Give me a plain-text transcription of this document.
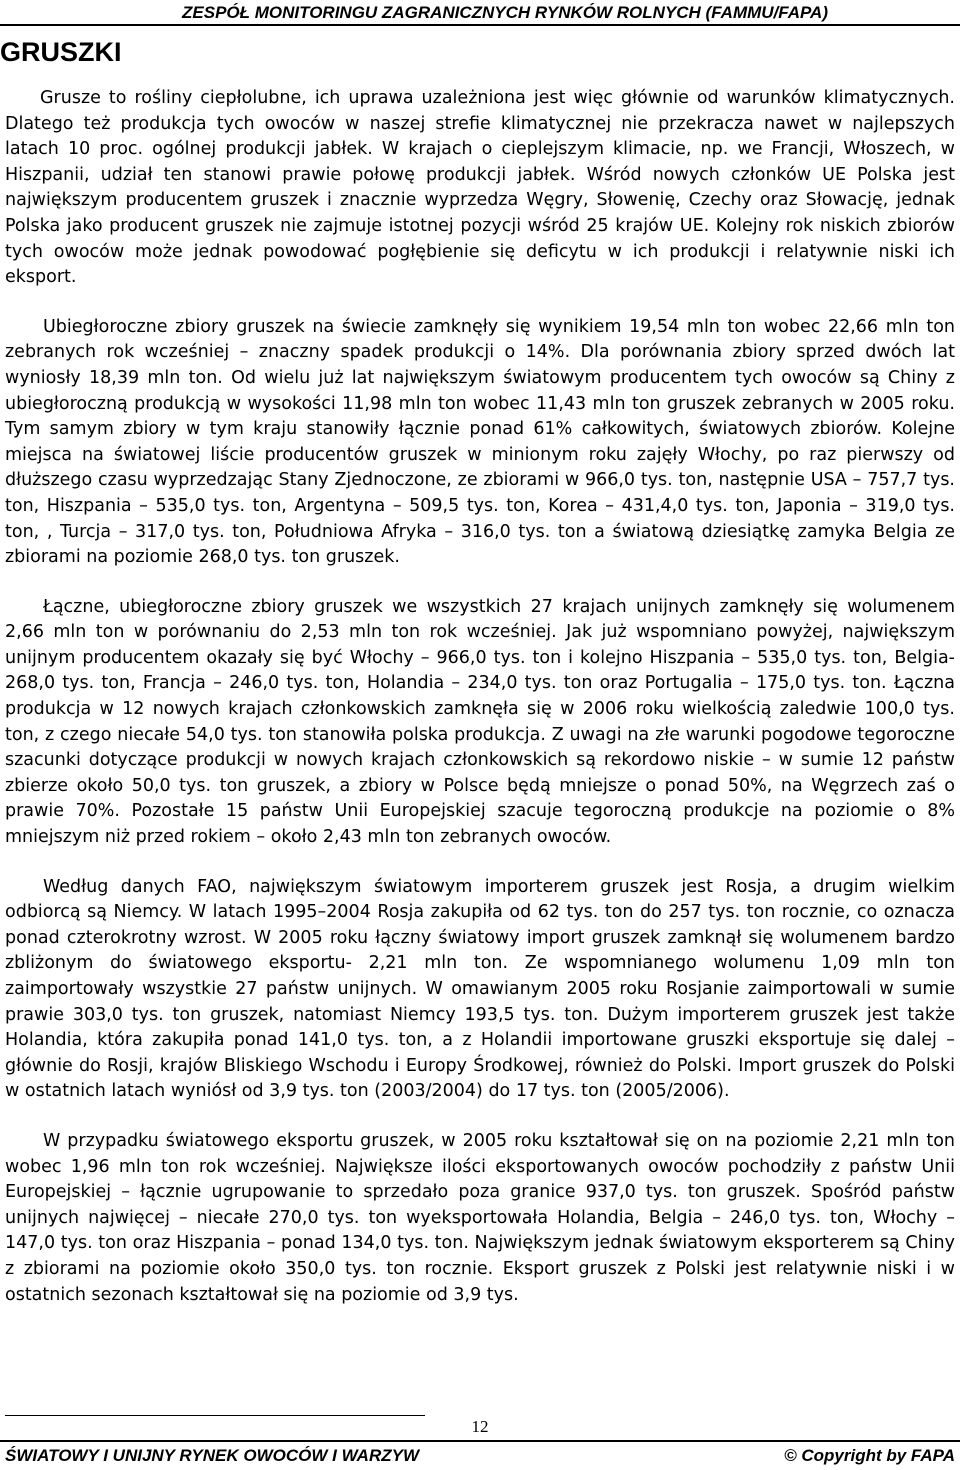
ZESPÓŁ MONITORINGU ZAGRANICZNYCH RYNKÓW ROLNYCH (FAMMU/FAPA)
GRUSZKI

Grusze to rośliny ciepłolubne, ich uprawa uzależniona jest więc głównie od warunków klimatycznych. Dlatego też produkcja tych owoców w naszej strefie klimatycznej nie przekracza nawet w najlepszych latach 10 proc. ogólnej produkcji jabłek. W krajach o cieplejszym klimacie, np. we Francji, Włoszech, w Hiszpanii, udział ten stanowi prawie połowę produkcji jabłek. Wśród nowych członków UE Polska jest największym producentem gruszek i znacznie wyprzedza Węgry, Słowenię, Czechy oraz Słowację, jednak Polska jako producent gruszek nie zajmuje istotnej pozycji wśród 25 krajów UE. Kolejny rok niskich zbiorów tych owoców może jednak powodować pogłębienie się deficytu w ich produkcji i relatywnie niski ich eksport.

Ubiegłoroczne zbiory gruszek na świecie zamknęły się wynikiem 19,54 mln ton wobec 22,66 mln ton zebranych rok wcześniej – znaczny spadek produkcji o 14%. Dla porównania zbiory sprzed dwóch lat wyniosły 18,39 mln ton. Od wielu już lat największym światowym producentem tych owoców są Chiny z ubiegłoroczną produkcją w wysokości 11,98 mln ton wobec 11,43 mln ton gruszek zebranych w 2005 roku. Tym samym zbiory w tym kraju stanowiły łącznie ponad 61% całkowitych, światowych zbiorów. Kolejne miejsca na światowej liście producentów gruszek w minionym roku zajęły Włochy, po raz pierwszy od dłuższego czasu wyprzedzając Stany Zjednoczone, ze zbiorami w 966,0 tys. ton, następnie USA – 757,7 tys. ton, Hiszpania – 535,0 tys. ton, Argentyna – 509,5 tys. ton, Korea – 431,4,0 tys. ton, Japonia – 319,0 tys. ton, , Turcja – 317,0 tys. ton, Południowa Afryka – 316,0 tys. ton a światową dziesiątkę zamyka Belgia ze zbiorami na poziomie 268,0 tys. ton gruszek.

Łączne, ubiegłoroczne zbiory gruszek we wszystkich 27 krajach unijnych zamknęły się wolumenem 2,66 mln ton w porównaniu do 2,53 mln ton rok wcześniej. Jak już wspomniano powyżej, największym unijnym producentem okazały się być Włochy – 966,0 tys. ton i kolejno Hiszpania – 535,0 tys. ton, Belgia- 268,0 tys. ton, Francja – 246,0 tys. ton, Holandia – 234,0 tys. ton oraz Portugalia – 175,0 tys. ton. Łączna produkcja w 12 nowych krajach członkowskich zamknęła się w 2006 roku wielkością zaledwie 100,0 tys. ton, z czego niecałe 54,0 tys. ton stanowiła polska produkcja. Z uwagi na złe warunki pogodowe tegoroczne szacunki dotyczące produkcji w nowych krajach członkowskich są rekordowo niskie – w sumie 12 państw zbierze około 50,0 tys. ton gruszek, a zbiory w Polsce będą mniejsze o ponad 50%, na Węgrzech zaś o prawie 70%. Pozostałe 15 państw Unii Europejskiej szacuje tegoroczną produkcje na poziomie o 8% mniejszym niż przed rokiem – około 2,43 mln ton zebranych owoców.

Według danych FAO, największym światowym importerem gruszek jest Rosja, a drugim wielkim odbiorcą są Niemcy. W latach 1995–2004 Rosja zakupiła od 62 tys. ton do 257 tys. ton rocznie, co oznacza ponad czterokrotny wzrost. W 2005 roku łączny światowy import gruszek zamknął się wolumenem bardzo zbliżonym do światowego eksportu- 2,21 mln ton. Ze wspomnianego wolumenu 1,09 mln ton zaimportowały wszystkie 27 państw unijnych. W omawianym 2005 roku Rosjanie zaimportowali w sumie prawie 303,0 tys. ton gruszek, natomiast Niemcy 193,5 tys. ton. Dużym importerem gruszek jest także Holandia, która zakupiła ponad 141,0 tys. ton, a z Holandii importowane gruszki eksportuje się dalej – głównie do Rosji, krajów Bliskiego Wschodu i Europy Środkowej, również do Polski. Import gruszek do Polski w ostatnich latach wyniósł od 3,9 tys. ton (2003/2004) do 17 tys. ton (2005/2006).

W przypadku światowego eksportu gruszek, w 2005 roku kształtował się on na poziomie 2,21 mln ton wobec 1,96 mln ton rok wcześniej. Największe ilości eksportowanych owoców pochodziły z państw Unii Europejskiej – łącznie ugrupowanie to sprzedało poza granice 937,0 tys. ton gruszek. Spośród państw unijnych najwięcej – niecałe 270,0 tys. ton wyeksportowała Holandia, Belgia – 246,0 tys. ton, Włochy – 147,0 tys. ton oraz Hiszpania – ponad 134,0 tys. ton. Największym jednak światowym eksporterem są Chiny z zbiorami na poziomie około 350,0 tys. ton rocznie. Eksport gruszek z Polski jest relatywnie niski i w ostatnich sezonach kształtował się na poziomie od 3,9 tys.

12
ŚWIATOWY I UNIJNY RYNEK OWOCÓW I WARZYW	© Copyright by FAPA
